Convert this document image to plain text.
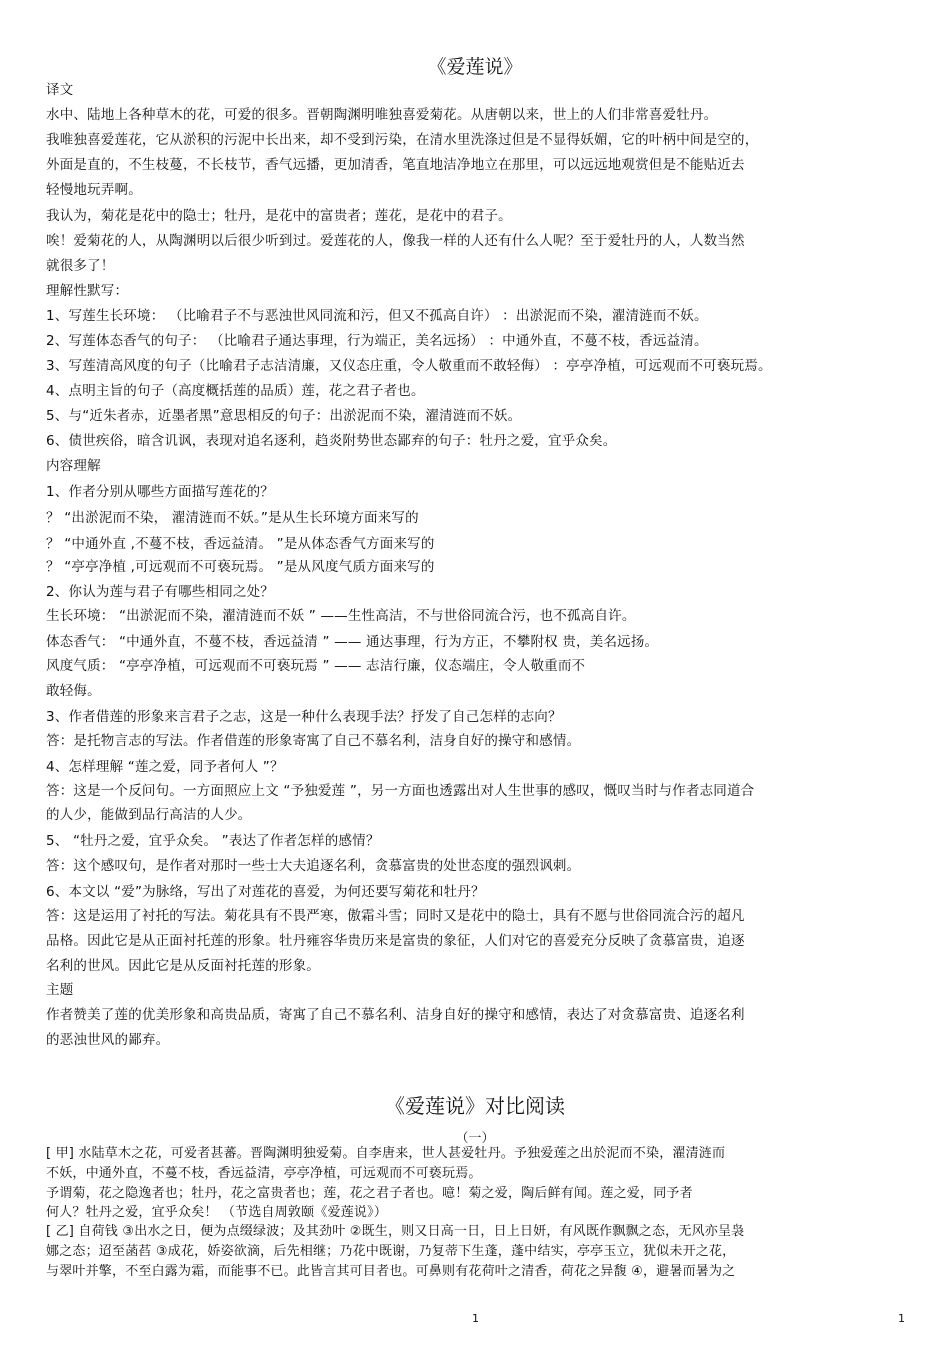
《爱莲说》
译文
水中、陆地上各种草木的花，可爱的很多。晋朝陶渊明唯独喜爱菊花。从唐朝以来，世上的人们非常喜爱牡丹。
我唯独喜爱莲花，它从淤积的污泥中长出来，却不受到污染，在清水里洗涤过但是不显得妖媚，它的叶柄中间是空的，
外面是直的，不生枝蔓，不长枝节，香气远播，更加清香，笔直地洁净地立在那里，可以远远地观赏但是不能贴近去
轻慢地玩弄啊。
我认为，菊花是花中的隐士；牡丹，是花中的富贵者；莲花，是花中的君子。
唉！爱菊花的人，从陶渊明以后很少听到过。爱莲花的人，像我一样的人还有什么人呢？至于爱牡丹的人，人数当然
就很多了！
理解性默写：
1、写莲生长环境： （比喻君子不与恶浊世风同流和污，但又不孤高自许） ：出淤泥而不染，濯清涟而不妖。
2、写莲体态香气的句子： （比喻君子通达事理，行为端正，美名远扬） ：中通外直，不蔓不枝，香远益清。
3、写莲清高风度的句子（比喻君子志洁清廉，又仪态庄重，令人敬重而不敢轻侮） ：亭亭净植，可远观而不可亵玩焉。
4、点明主旨的句子（高度概括莲的品质）莲，花之君子者也。
5、与“近朱者赤，近墨者黑”意思相反的句子：出淤泥而不染，濯清涟而不妖。
6、债世疾俗，暗含讥讽，表现对追名逐利，趋炎附势世态鄙弃的句子：牡丹之爱，宜乎众矣。
内容理解
1、作者分别从哪些方面描写莲花的？
？ “出淤泥而不染， 濯清涟而不妖。”是从生长环境方面来写的
？ “中通外直 ,不蔓不枝，香远益清。 ”是从体态香气方面来写的
？ “亭亭净植 ,可远观而不可亵玩焉。 ”是从风度气质方面来写的
2、你认为莲与君子有哪些相同之处？
生长环境： “出淤泥而不染，濯清涟而不妖 ” ——生性高洁，不与世俗同流合污，也不孤高自许。
体态香气： “中通外直，不蔓不枝，香远益清 ” —— 通达事理，行为方正，不攀附权 贵，美名远扬。
风度气质： “亭亭净植，可远观而不可亵玩焉 ” —— 志洁行廉，仪态端庄，令人敬重而不
敢轻侮。
3、作者借莲的形象来言君子之志，这是一种什么表现手法？抒发了自己怎样的志向？
答：是托物言志的写法。作者借莲的形象寄寓了自己不慕名利，洁身自好的操守和感情。
4、怎样理解 “莲之爱，同予者何人 ”？
答：这是一个反问句。一方面照应上文 “予独爱莲 ”，另一方面也透露出对人生世事的感叹，慨叹当时与作者志同道合
的人少，能做到品行高洁的人少。
5、 “牡丹之爱，宜乎众矣。 ”表达了作者怎样的感情？
答：这个感叹句，是作者对那时一些士大夫追逐名利，贪慕富贵的处世态度的强烈讽刺。
6、本文以 “爱”为脉络，写出了对莲花的喜爱，为何还要写菊花和牡丹？
答：这是运用了衬托的写法。菊花具有不畏严寒，傲霜斗雪；同时又是花中的隐士，具有不愿与世俗同流合污的超凡
品格。因此它是从正面衬托莲的形象。牡丹雍容华贵历来是富贵的象征，人们对它的喜爱充分反映了贪慕富贵，追逐
名利的世风。因此它是从反面衬托莲的形象。
主题
作者赞美了莲的优美形象和高贵品质，寄寓了自己不慕名利、洁身自好的操守和感情，表达了对贪慕富贵、追逐名利
的恶浊世风的鄙弃。
《爱莲说》对比阅读
（一）
[ 甲] 水陆草木之花，可爱者甚蕃。晋陶渊明独爱菊。自李唐来，世人甚爱牡丹。予独爱莲之出於泥而不染，濯清涟而
不妖，中通外直，不蔓不枝，香远益清，亭亭净植，可远观而不可亵玩焉。
予谓菊，花之隐逸者也；牡丹，花之富贵者也；莲，花之君子者也。噫！菊之爱，陶后鲜有闻。莲之爱，同予者
何人？牡丹之爱，宜乎众矣！ （节选自周敦颐《爱莲说》）
[ 乙] 自荷钱 ③出水之日，便为点缀绿波；及其劲叶 ②既生，则又日高一日，日上日妍，有风既作飘飘之态，无风亦呈袅
娜之态；迢至菡萏 ③成花，娇姿欲滴，后先相继；乃花中既谢，乃复蒂下生蓬，蓬中结实，亭亭玉立，犹似未开之花，
与翠叶并擎，不至白露为霜，而能事不已。此皆言其可目者也。可鼻则有花荷叶之清香，荷花之异馥 ④，避暑而暑为之
1	1
